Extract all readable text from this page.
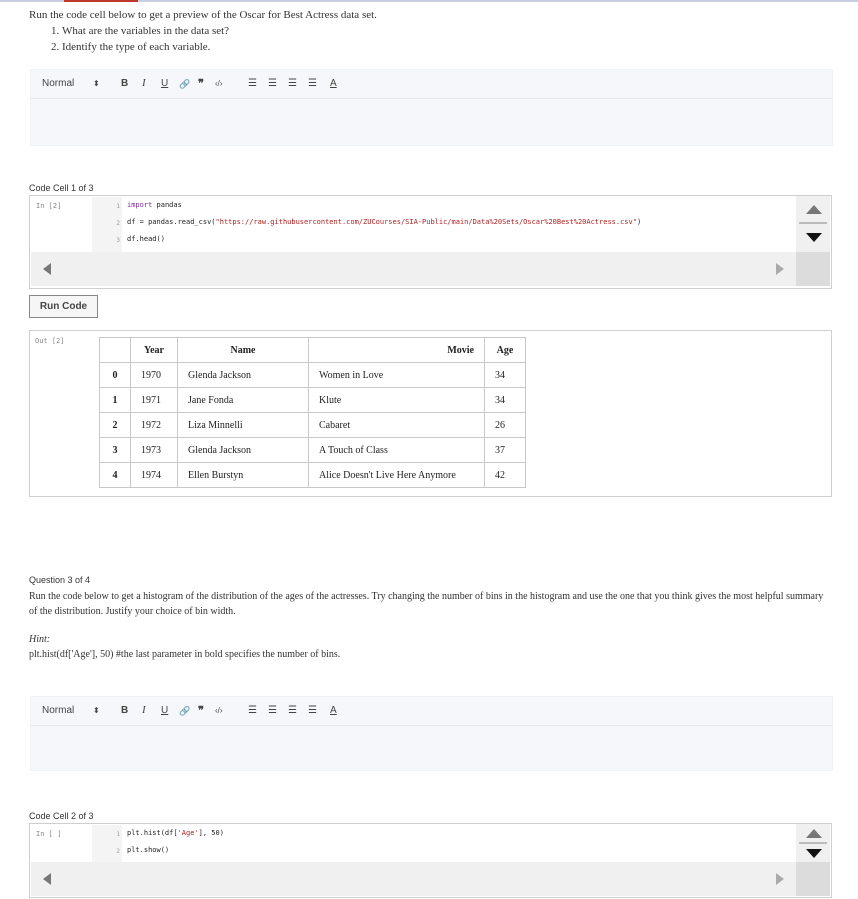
Run the code cell below to get a preview of the Oscar for Best Actress data set.

1. What are the variables in the data set?
2. Identify the type of each variable.
Normal ⬍ B I U 🔗 ❞ ‹/›	☰ ☰ ☰ ☰ A
Code Cell 1 of 3
In [2]	1
2
3
import pandas
df = pandas.read_csv("https://raw.githubusercontent.com/ZUCourses/SIA-Public/main/Data%20Sets/Oscar%20Best%20Actress.csv")
df.head()
Run Code
Out [2]
	Year	Name	Movie	Age
0	1970	Glenda Jackson	Women in Love	34
1	1971	Jane Fonda	Klute	34
2	1972	Liza Minnelli	Cabaret	26
3	1973	Glenda Jackson	A Touch of Class	37
4	1974	Ellen Burstyn	Alice Doesn't Live Here Anymore	42

Question 3 of 4

Run the code below to get a histogram of the distribution of the ages of the actresses. Try changing the number of bins in the histogram and use the one that you think gives the most helpful summary of the distribution. Justify your choice of bin width.

Hint:

plt.hist(df['Age'], 50) #the last parameter in bold specifies the number of bins.

Normal ⬍ B I U 🔗 ❞ ‹/›	☰ ☰ ☰ ☰ A
Code Cell 2 of 3
In [ ]	1
2
plt.hist(df['Age'], 50)
plt.show()
